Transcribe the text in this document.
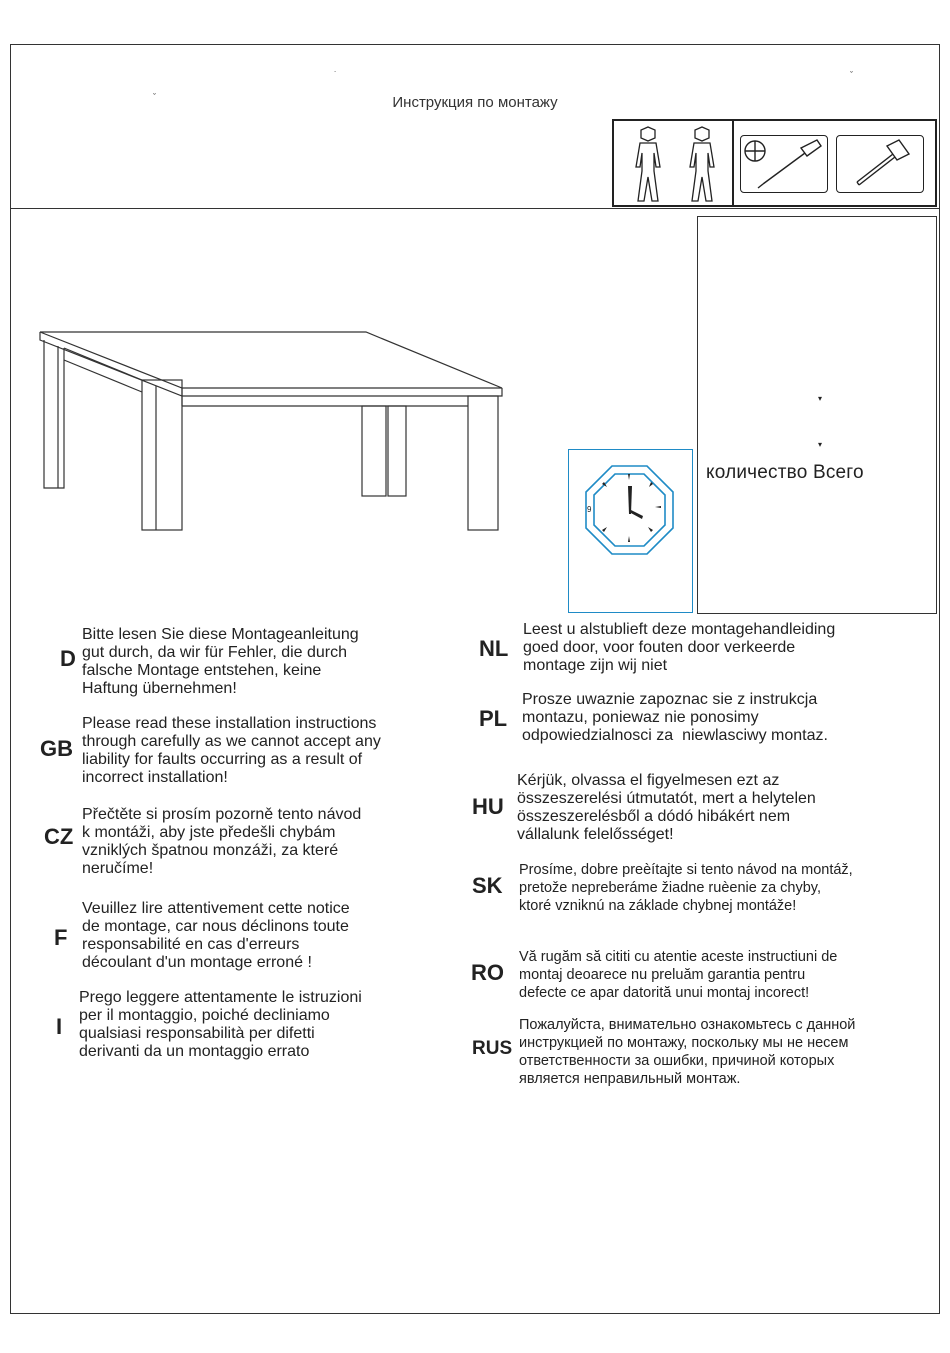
˙	ˇ
ˇ	Инструкция по монтажу
9
▾
▾
количество Всего
D
Bitte lesen Sie diese Montageanleitung
gut durch, da wir für Fehler, die durch
falsche Montage entstehen, keine
Haftung übernehmen!
GB
Please read these installation instructions
through carefully as we cannot accept any
liability for faults occurring as a result of
incorrect installation!
CZ
Přečtěte si prosím pozorně tento návod
k montáži, aby jste předešli chybám
vzniklých špatnou monzáži, za které
neručíme!
F
Veuillez lire attentivement cette notice
de montage, car nous déclinons toute
responsabilité en cas d'erreurs
découlant d'un montage erroné !
I
Prego leggere attentamente le istruzioni
per il montaggio, poiché decliniamo
qualsiasi responsabilità per difetti
derivanti da un montaggio errato
NL
Leest u alstublieft deze montagehandleiding
goed door, voor fouten door verkeerde
montage zijn wij niet
PL
Prosze uwaznie zapoznac sie z instrukcja
montazu, poniewaz nie ponosimy
odpowiedzialnosci za  niewlasciwy montaz.
HU
Kérjük, olvassa el figyelmesen ezt az
összeszerelési útmutatót, mert a helytelen
összeszerelésből a dódó hibákért nem
vállalunk felelősséget!
SK
Prosíme, dobre preèítajte si tento návod na montáž,
pretože nepreberáme žiadne ruèenie za chyby,
ktoré vzniknú na základe chybnej montáže!
RO
Vă rugăm să cititi cu atentie aceste instructiuni de
montaj deoarece nu preluăm garantia pentru
defecte ce apar datorită unui montaj incorect!
RUS
Пожалуйста, внимательно ознакомьтесь с данной
инструкцией по монтажу, поскольку мы не несем
ответственности за ошибки, причиной которых
является неправильный монтаж.
